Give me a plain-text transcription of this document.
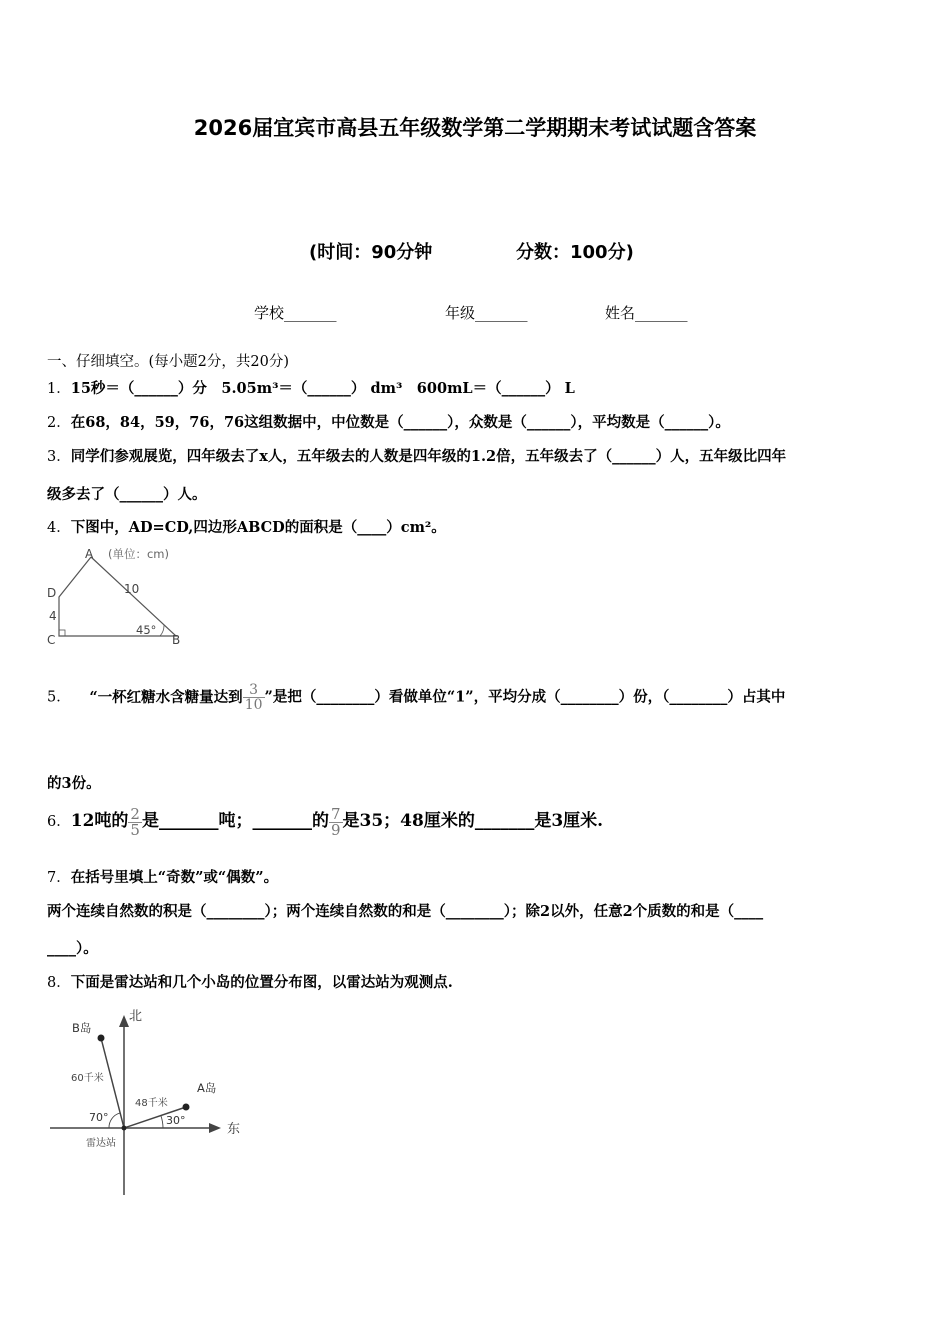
2026届宜宾市高县五年级数学第二学期期末考试试题含答案
(时间：90分钟	分数：100分)
学校_______	年级_______	姓名_______
一、仔细填空。(每小题2分，共20分)
1．15秒＝（______）分　5.05m³＝（______） dm³　600mL＝（______） L
2．在68，84，59，76，76这组数据中，中位数是（______），众数是（______），平均数是（______）。
3．同学们参观展览，四年级去了x人，五年级去的人数是四年级的1.2倍，五年级去了（______）人，五年级比四年
级多去了（______）人。
4．下图中，AD=CD,四边形ABCD的面积是（____）cm²。
A (单位：cm)
D
C	B
10
4
45°
5． “一杯红糖水含糖量达到 $\frac{3}{10}$ ”是把（________）看做单位“1”，平均分成（________）份，（________）占其中
的3份。
6．12吨的 $\frac{2}{5}$ 是_______吨；_______的 $\frac{7}{9}$ 是35；48厘米的_______是3厘米.
7．在括号里填上“奇数”或“偶数”。
两个连续自然数的积是（________）；两个连续自然数的和是（________）；除2以外，任意2个质数的和是（____
____）。
8．下面是雷达站和几个小岛的位置分布图，以雷达站为观测点.
北
东
B岛
A岛
60千米
48千米
70°	30°
雷达站
